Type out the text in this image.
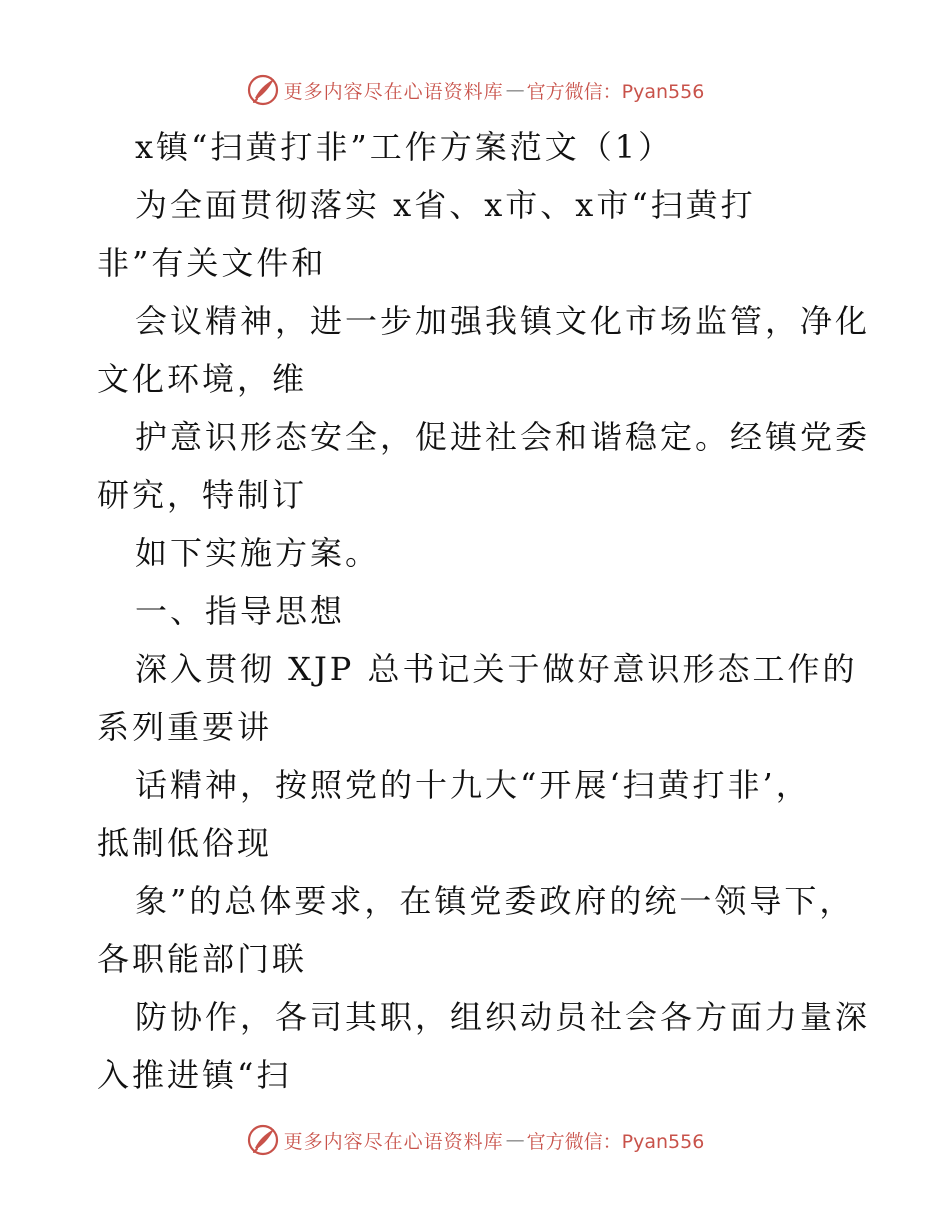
更多内容尽在心语资料库 — 官方微信：Pyan556
x镇“扫黄打非”工作方案范文（1）
为全面贯彻落实 x省、x市、x市“扫黄打
非”有关文件和
会议精神，进一步加强我镇文化市场监管，净化
文化环境，维
护意识形态安全，促进社会和谐稳定。经镇党委
研究，特制订
如下实施方案。
一、指导思想
深入贯彻 XJP 总书记关于做好意识形态工作的
系列重要讲
话精神，按照党的十九大“开展‘扫黄打非’，
抵制低俗现
象”的总体要求，在镇党委政府的统一领导下，
各职能部门联
防协作，各司其职，组织动员社会各方面力量深
入推进镇“扫
更多内容尽在心语资料库 — 官方微信：Pyan556
